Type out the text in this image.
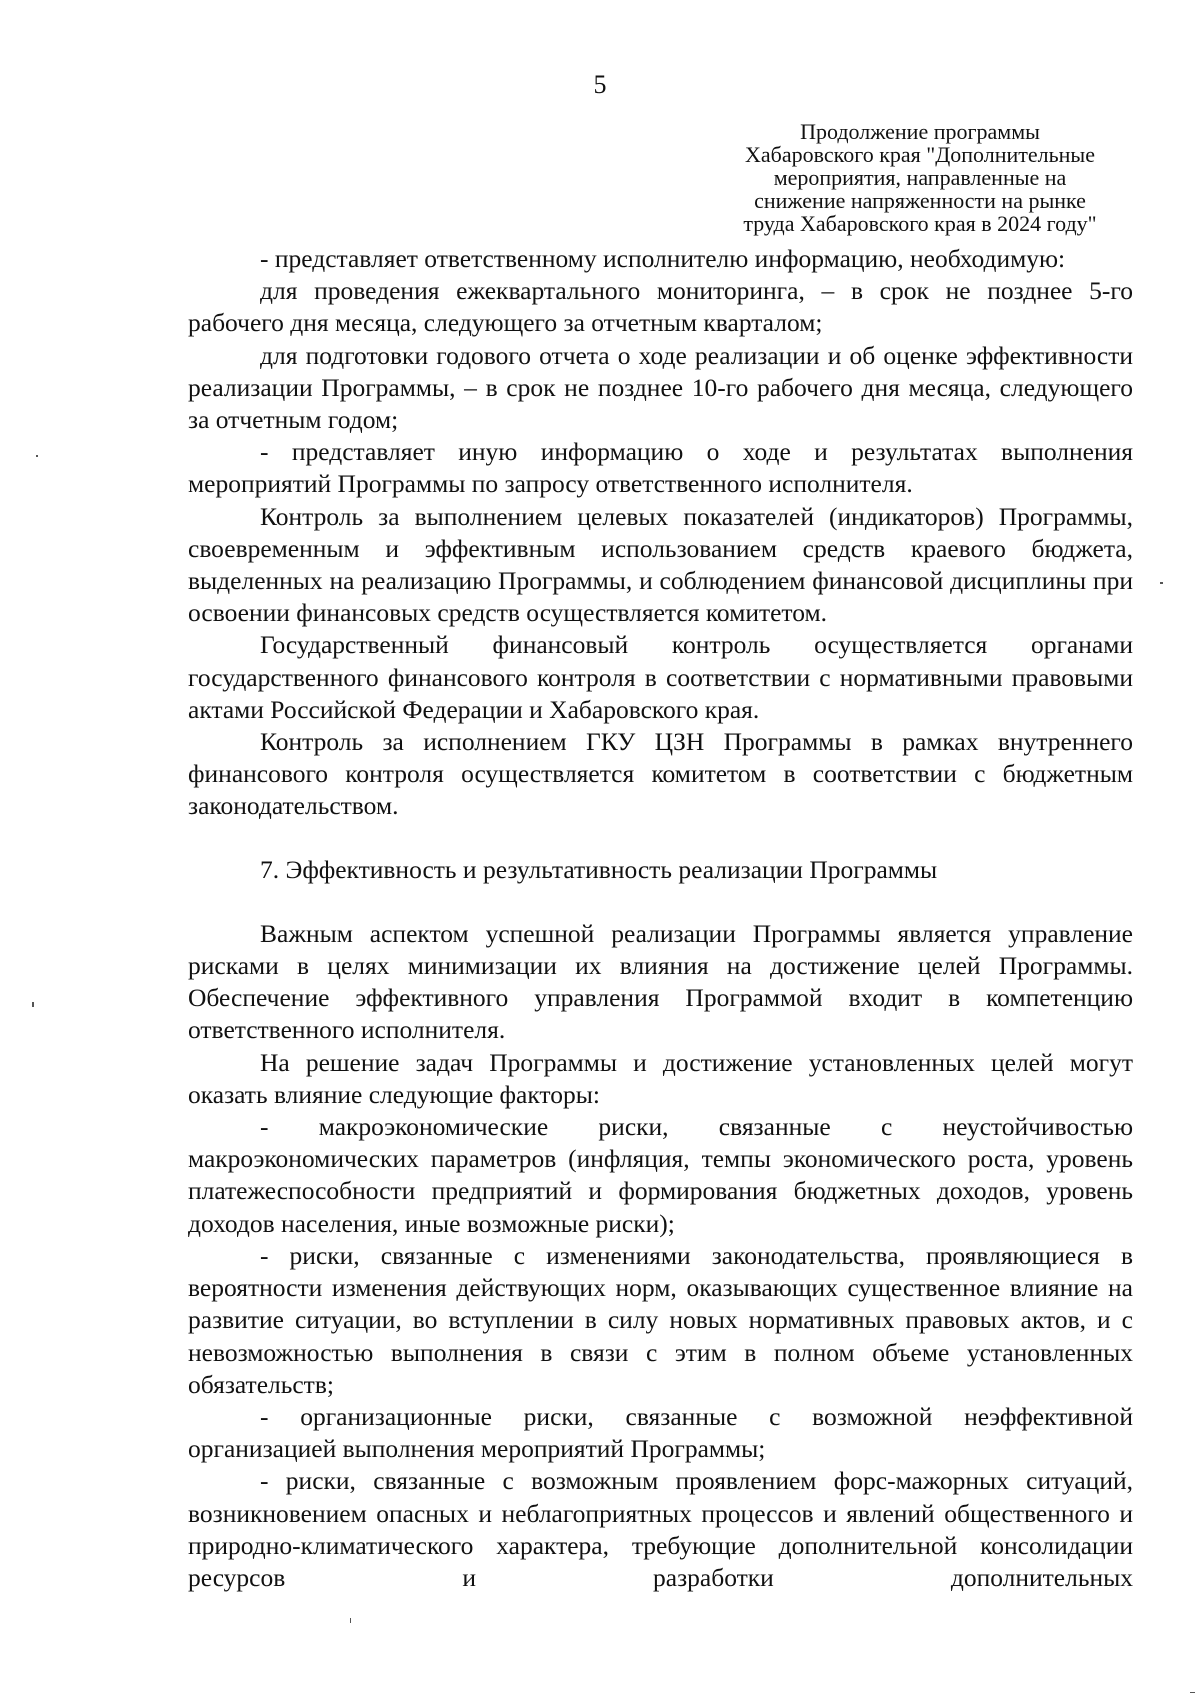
5
Продолжение программы
Хабаровского края "Дополнительные
мероприятия, направленные на
снижение напряженности на рынке
труда Хабаровского края в 2024 году"

- представляет ответственному исполнителю информацию, необходимую:

для проведения ежеквартального мониторинга, – в срок не позднее 5-го рабочего дня месяца, следующего за отчетным кварталом;

для подготовки годового отчета о ходе реализации и об оценке эффективности реализации Программы, – в срок не позднее 10-го рабочего дня месяца, следующего за отчетным годом;

- представляет иную информацию о ходе и результатах выполнения мероприятий Программы по запросу ответственного исполнителя.

Контроль за выполнением целевых показателей (индикаторов) Программы, своевременным и эффективным использованием средств краевого бюджета, выделенных на реализацию Программы, и соблюдением финансовой дисциплины при освоении финансовых средств осуществляется комитетом.

Государственный финансовый контроль осуществляется органами государственного финансового контроля в соответствии с нормативными правовыми актами Российской Федерации и Хабаровского края.

Контроль за исполнением ГКУ ЦЗН Программы в рамках внутреннего финансового контроля осуществляется комитетом в соответствии с бюджетным законодательством.

7. Эффективность и результативность реализации Программы

Важным аспектом успешной реализации Программы является управление рисками в целях минимизации их влияния на достижение целей Программы. Обеспечение эффективного управления Программой входит в компетенцию ответственного исполнителя.

На решение задач Программы и достижение установленных целей могут оказать влияние следующие факторы:

- макроэкономические риски, связанные с неустойчивостью макроэкономических параметров (инфляция, темпы экономического роста, уровень платежеспособности предприятий и формирования бюджетных доходов, уровень доходов населения, иные возможные риски);

- риски, связанные с изменениями законодательства, проявляющиеся в вероятности изменения действующих норм, оказывающих существенное влияние на развитие ситуации, во вступлении в силу новых нормативных правовых актов, и с невозможностью выполнения в связи с этим в полном объеме установленных обязательств;

- организационные риски, связанные с возможной неэффективной организацией выполнения мероприятий Программы;

- риски, связанные с возможным проявлением форс-мажорных ситуаций, возникновением опасных и неблагоприятных процессов и явлений общественного и природно-климатического характера, требующие дополнительной консолидации ресурсов и разработки дополнительных
